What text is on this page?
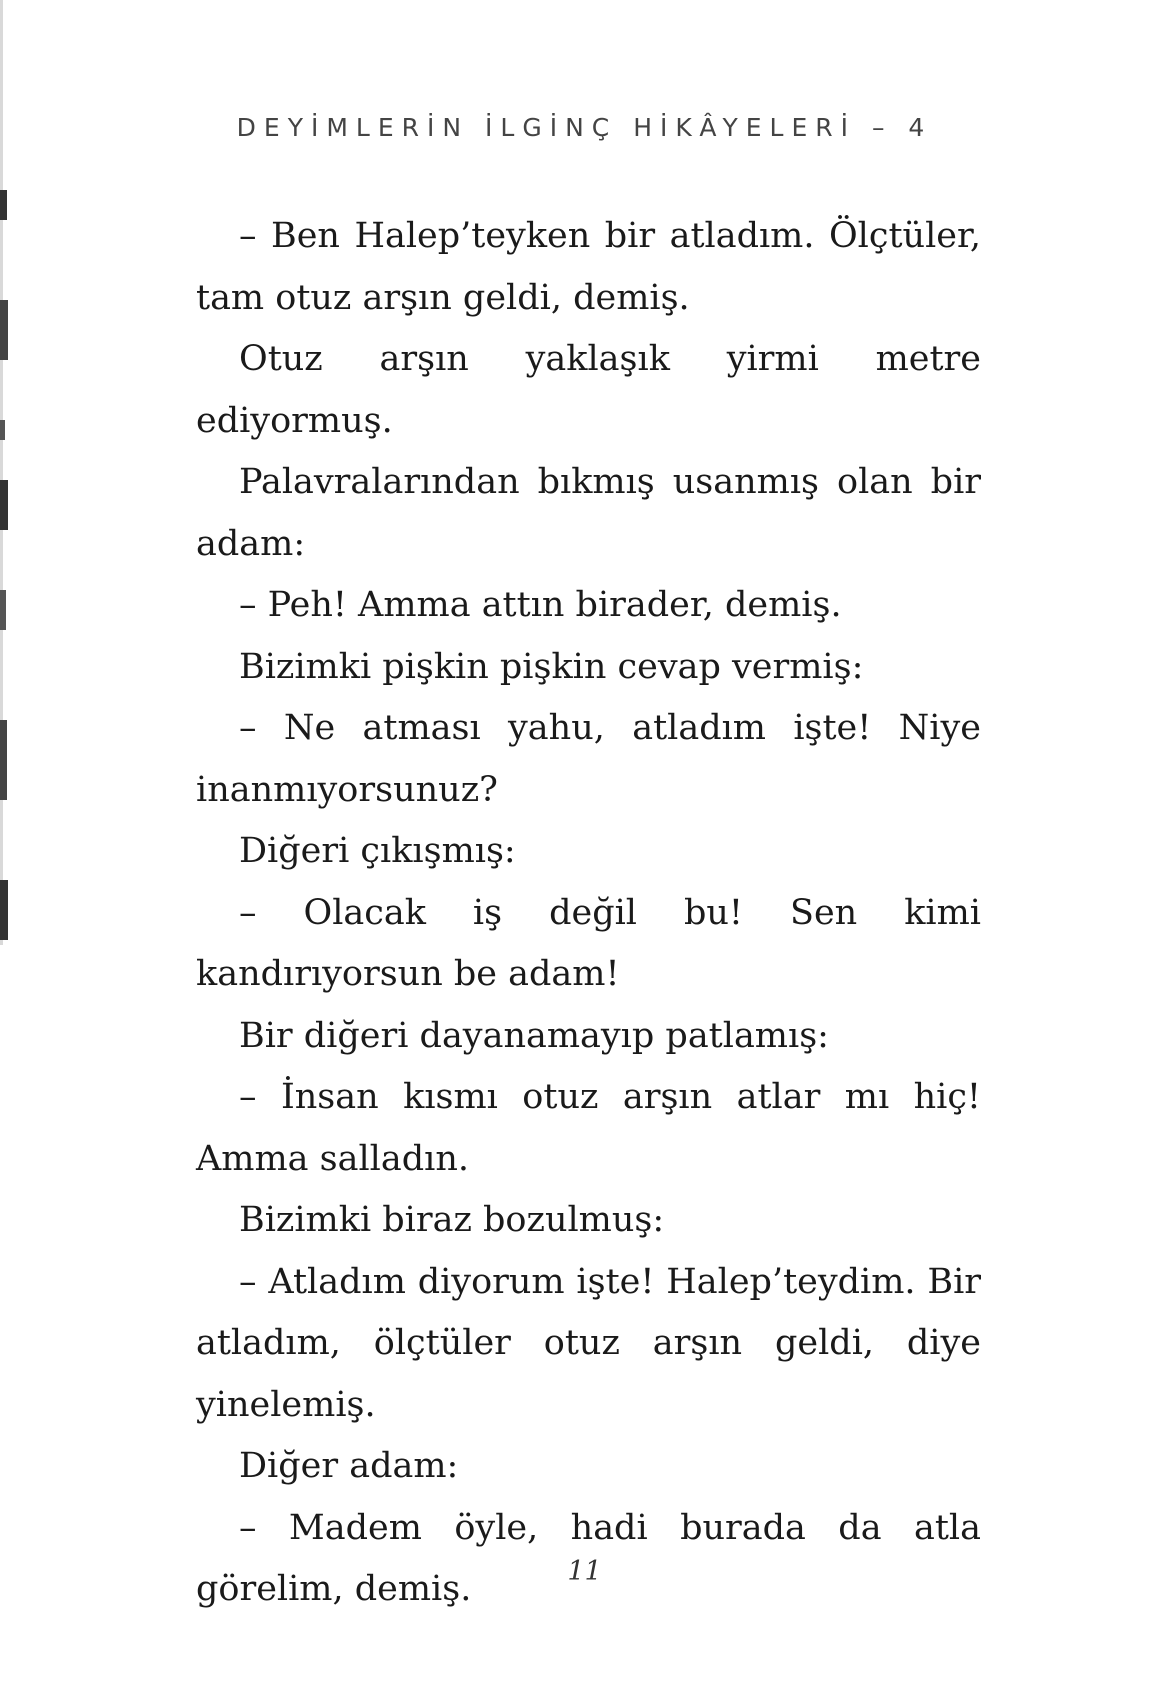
DEYİMLERİN İLGİNÇ HİKÂYELERİ – 4

– Ben Halep’teyken bir atladım. Ölçtüler, tam otuz arşın geldi, demiş.

Otuz arşın yaklaşık yirmi metre ediyormuş.

Palavralarından bıkmış usanmış olan bir adam:

– Peh! Amma attın birader, demiş.

Bizimki pişkin pişkin cevap vermiş:

– Ne atması yahu, atladım işte! Niye inanmıyorsunuz?

Diğeri çıkışmış:

– Olacak iş değil bu! Sen kimi kandırıyorsun be adam!

Bir diğeri dayanamayıp patlamış:

– İnsan kısmı otuz arşın atlar mı hiç! Amma salladın.

Bizimki biraz bozulmuş:

– Atladım diyorum işte! Halep’teydim. Bir atladım, ölçtüler otuz arşın geldi, diye yinelemiş.

Diğer adam:

– Madem öyle, hadi burada da atla görelim, demiş.	11
